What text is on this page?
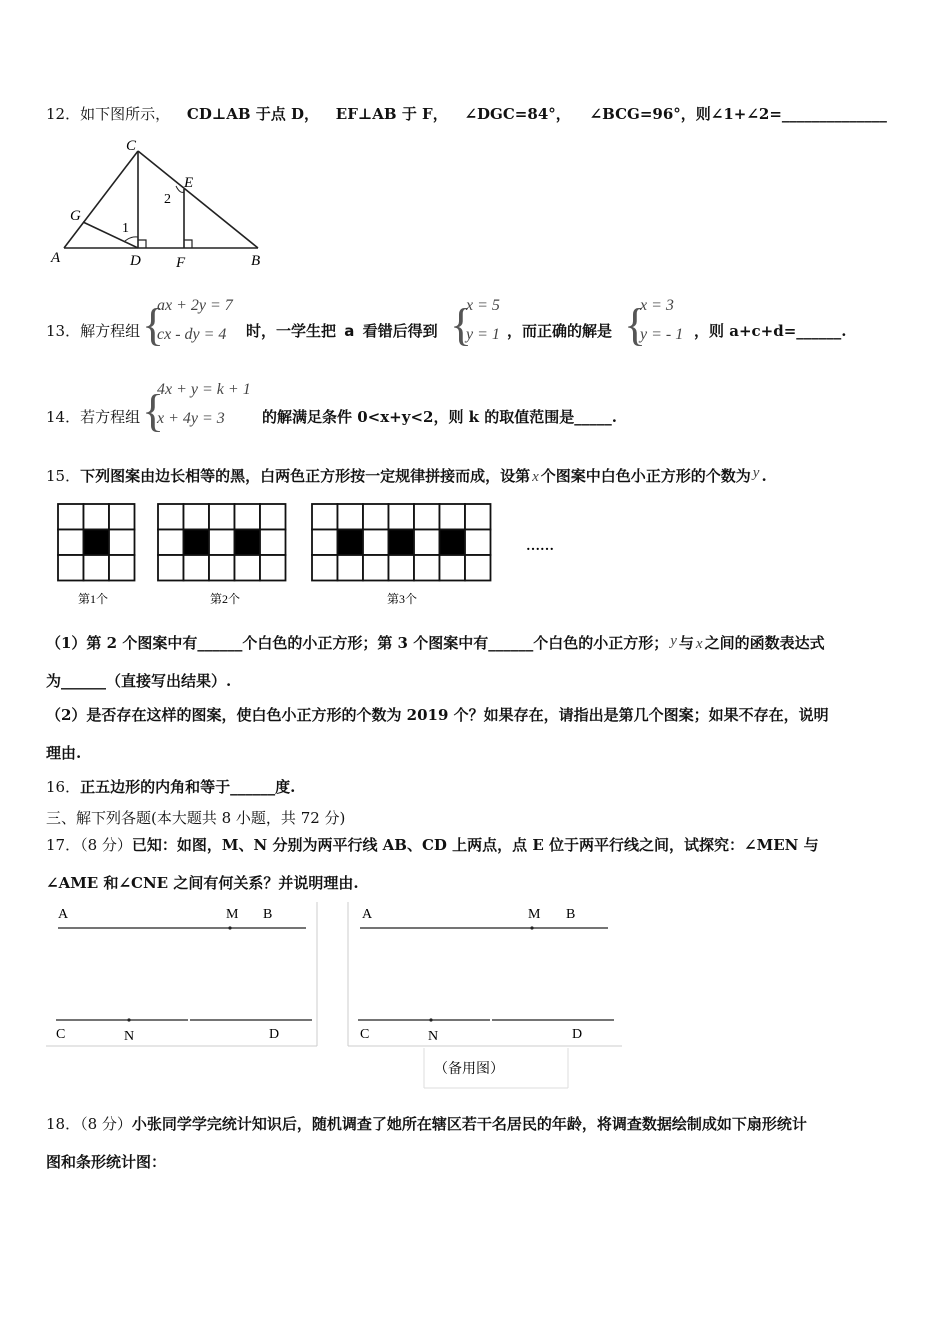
12．如下图所示， CD⊥AB 于点 D， EF⊥AB 于 F， ∠DGC=84°， ∠BCG=96°，则∠1+∠2=______________
C
E
G
2
1
A	D F	B
13．解方程组 {
ax + 2y = 7
cx - dy = 4 时，一学生把 a 看错后得到 {
x = 5
y = 1 ，而正确的解是 {
x = 3
y = - 1 ，则 a+c+d=______.
14．若方程组 {
4x + y = k + 1
x + 4y = 3 的解满足条件 0<x+y<2，则 k 的取值范围是_____.
15．下列图案由边长相等的黑，白两色正方形按一定规律拼接而成，设第 x 个图案中白色小正方形的个数为 y .
第1个	第2个	第3个
……
（1）第 2 个图案中有______个白色的小正方形；第 3 个图案中有______个白色的小正方形； y 与 x 之间的函数表达式
为______（直接写出结果）.
（2）是否存在这样的图案，使白色小正方形的个数为 2019 个？如果存在，请指出是第几个图案；如果不存在，说明
理由.
16．正五边形的内角和等于______度.
三、解下列各题(本大题共 8 小题，共 72 分)
17．（8 分）已知：如图，M、N 分别为两平行线 AB、CD 上两点，点 E 位于两平行线之间，试探究：∠MEN 与
∠AME 和∠CNE 之间有何关系？并说明理由.
A	M B
C	N	D
A	M B
C	N	D
（备用图）
18．（8 分）小张同学学完统计知识后，随机调查了她所在辖区若干名居民的年龄，将调查数据绘制成如下扇形统计
图和条形统计图：
